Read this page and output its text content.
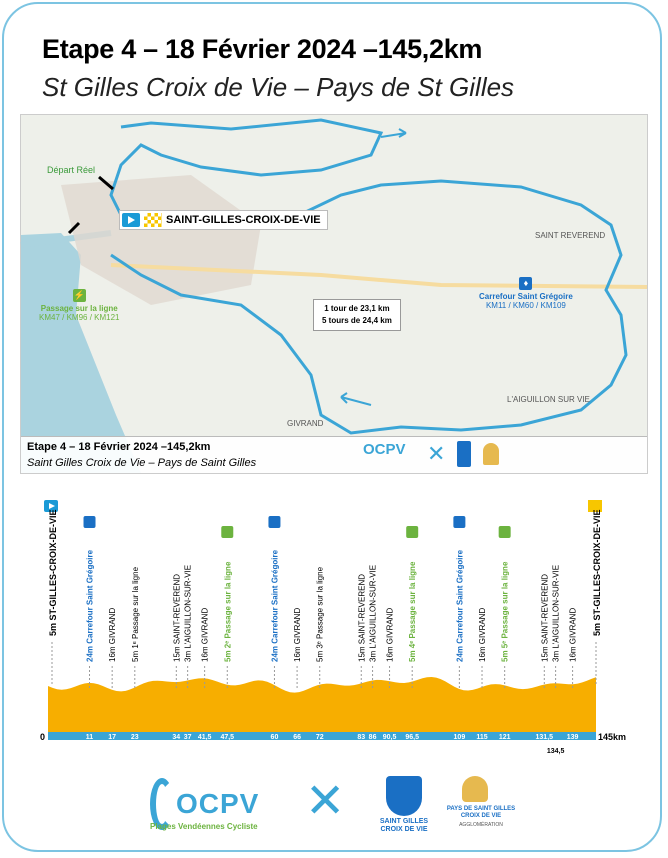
Etape 4 – 18 Février 2024 –145,2km
St Gilles Croix de Vie – Pays de St Gilles
Départ Réel
SAINT-GILLES-CROIX-DE-VIE
SAINT REVEREND
L'AIGUILLON SUR VIE
GIVRAND
1 tour de 23,1 km
5 tours de 24,4 km
⚡
Passage sur la ligne
KM47 / KM96 / KM121
♦
Carrefour Saint Grégoire
KM11 / KM60 / KM109
Etape 4 – 18 Février 2024 –145,2km
Saint Gilles Croix de Vie – Pays de Saint Gilles
OCPV ✕
0	145km
5m ST-GILLES-CROIX-DE-VIE	5m ST-GILLES-CROIX-DE-VIE
24m Carrefour Saint Grégoire
11
16m GIVRAND
17
5m 1ᵉ Passage sur la ligne
23
15m SAINT-REVEREND
34
3m L'AIGUILLON-SUR-VIE
37
16m GIVRAND
41,5
5m 2ᵉ Passage sur la ligne
47,5
24m Carrefour Saint Grégoire
60
16m GIVRAND
66
5m 3ᵉ Passage sur la ligne
72
15m SAINT-REVEREND
83
3m L'AIGUILLON-SUR-VIE
86
16m GIVRAND
90,5
5m 4ᵉ Passage sur la ligne
96,5
24m Carrefour Saint Grégoire
109
16m GIVRAND
115
5m 5ᵉ Passage sur la ligne
121
15m SAINT-REVEREND
131,5
3m L'AIGUILLON-SUR-VIE
134,5
16m GIVRAND
139
OCPV
Plages Vendéennes Cycliste ✕	SAINT GILLES CROIX DE VIE
PAYS DE SAINT GILLES CROIX DE VIE
AGGLOMÉRATION
